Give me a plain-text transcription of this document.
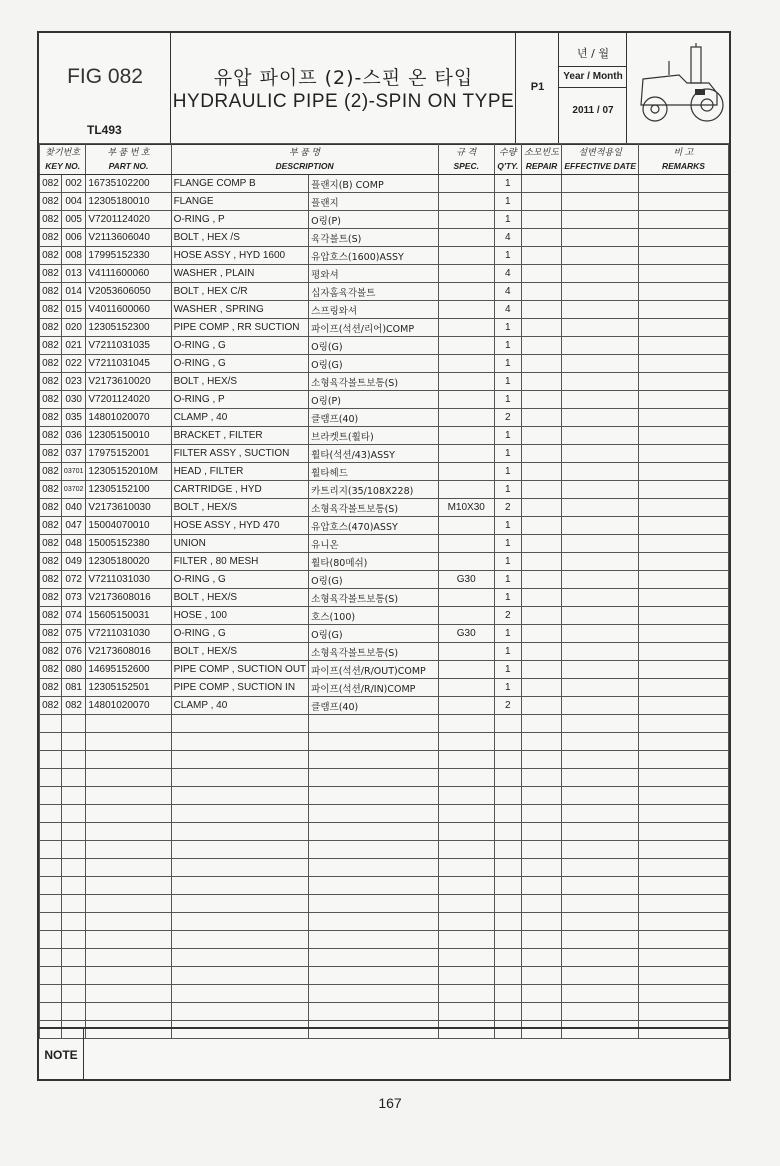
FIG 082
TL493
유압 파이프 (2)-스핀 온 타입
HYDRAULIC PIPE (2)-SPIN ON TYPE
P1
년 / 월
Year / Month
2011 / 07
찾기번호		부 품 번 호	부 품 명		규 격	수량	소모빈도	설변적용일	비 고
KEY NO.		PART NO.	DESCRIPTION		SPEC.	Q'TY.	REPAIR	EFFECTIVE DATE	REMARKS
082	002	16735102200	FLANGE COMP B	플랜지(B) COMP		1			
082	004	12305180010	FLANGE	플랜지		1			
082	005	V7201124020	O-RING , P	O링(P)		1			
082	006	V2113606040	BOLT , HEX /S	육각볼트(S)		4			
082	008	17995152330	HOSE ASSY , HYD 1600	유압호스(1600)ASSY		1			
082	013	V4111600060	WASHER , PLAIN	평와셔		4			
082	014	V2053606050	BOLT , HEX C/R	십자홈육각볼트		4			
082	015	V4011600060	WASHER , SPRING	스프링와셔		4			
082	020	12305152300	PIPE COMP , RR SUCTION	파이프(석션/리어)COMP		1			
082	021	V7211031035	O-RING , G	O링(G)		1			
082	022	V7211031045	O-RING , G	O링(G)		1			
082	023	V2173610020	BOLT , HEX/S	소형육각볼트보통(S)		1			
082	030	V7201124020	O-RING , P	O링(P)		1			
082	035	14801020070	CLAMP , 40	클램프(40)		2			
082	036	12305150010	BRACKET , FILTER	브라켓트(휠타)		1			
082	037	17975152001	FILTER ASSY , SUCTION	휠타(석션/43)ASSY		1			
082	03701	12305152010M	HEAD , FILTER	휠타헤드		1			
082	03702	12305152100	CARTRIDGE , HYD	카트리지(35/108X228)		1			
082	040	V2173610030	BOLT , HEX/S	소형육각볼트보통(S)	M10X30	2			
082	047	15004070010	HOSE ASSY , HYD 470	유압호스(470)ASSY		1			
082	048	15005152380	UNION	유니온		1			
082	049	12305180020	FILTER , 80 MESH	휠타(80메쉬)		1			
082	072	V7211031030	O-RING , G	O링(G)	G30	1			
082	073	V2173608016	BOLT , HEX/S	소형육각볼트보통(S)		1			
082	074	15605150031	HOSE , 100	호스(100)		2			
082	075	V7211031030	O-RING , G	O링(G)	G30	1			
082	076	V2173608016	BOLT , HEX/S	소형육각볼트보통(S)		1			
082	080	14695152600	PIPE COMP , SUCTION OUT	파이프(석션/R/OUT)COMP		1			
082	081	12305152501	PIPE COMP , SUCTION IN	파이프(석션/R/IN)COMP		1			
082	082	14801020070	CLAMP , 40	클램프(40)		2			

NOTE
167
